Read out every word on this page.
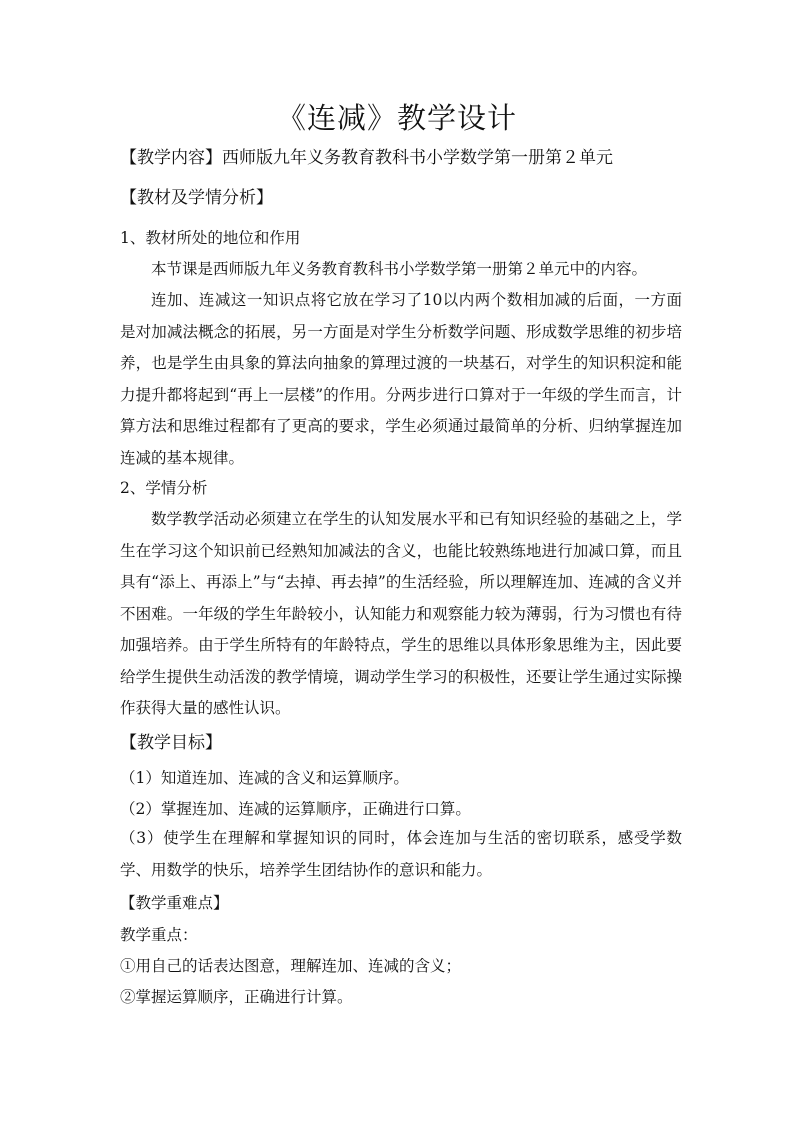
《连减》教学设计
【教学内容】西师版九年义务教育教科书小学数学第一册第２单元
【教材及学情分析】
1、教材所处的地位和作用
本节课是西师版九年义务教育教科书小学数学第一册第２单元中的内容。
连加、连减这一知识点将它放在学习了10以内两个数相加减的后面，一方面是对加减法概念的拓展，另一方面是对学生分析数学问题、形成数学思维的初步培养，也是学生由具象的算法向抽象的算理过渡的一块基石，对学生的知识积淀和能力提升都将起到“再上一层楼”的作用。分两步进行口算对于一年级的学生而言，计算方法和思维过程都有了更高的要求，学生必须通过最简单的分析、归纳掌握连加连减的基本规律。
2、学情分析
数学教学活动必须建立在学生的认知发展水平和已有知识经验的基础之上，学生在学习这个知识前已经熟知加减法的含义，也能比较熟练地进行加减口算，而且具有“添上、再添上”与“去掉、再去掉”的生活经验，所以理解连加、连减的含义并不困难。一年级的学生年龄较小，认知能力和观察能力较为薄弱，行为习惯也有待加强培养。由于学生所特有的年龄特点，学生的思维以具体形象思维为主，因此要给学生提供生动活泼的教学情境，调动学生学习的积极性，还要让学生通过实际操作获得大量的感性认识。
【教学目标】
（1）知道连加、连减的含义和运算顺序。
（2）掌握连加、连减的运算顺序，正确进行口算。
（3）使学生在理解和掌握知识的同时，体会连加与生活的密切联系，感受学数学、用数学的快乐，培养学生团结协作的意识和能力。
【教学重难点】
教学重点：
①用自己的话表达图意，理解连加、连减的含义；
②掌握运算顺序，正确进行计算。
